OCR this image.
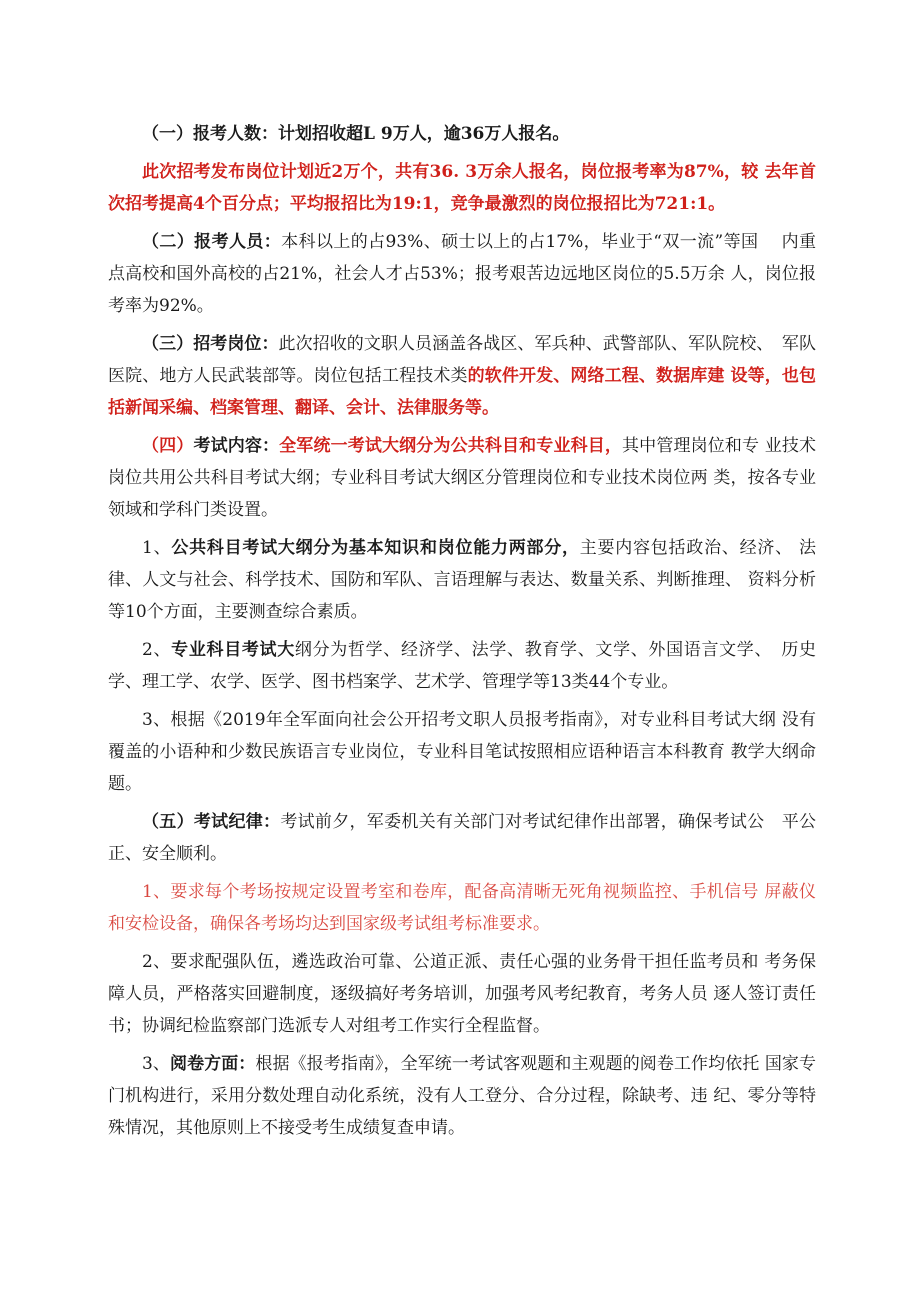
（一）报考人数：计划招收超L 9万人，逾36万人报名。

此次招考发布岗位计划近2万个，共有36. 3万余人报名，岗位报考率为87%，较 去年首次招考提高4个百分点；平均报招比为19:1，竞争最激烈的岗位报招比为721:1。

（二）报考人员：本科以上的占93%、硕士以上的占17%，毕业于“双一流”等国　 内重点高校和国外高校的占21%，社会人才占53%；报考艰苦边远地区岗位的5.5万余 人，岗位报考率为92%。

（三）招考岗位：此次招收的文职人员涵盖各战区、军兵种、武警部队、军队院校、　军队医院、地方人民武装部等。岗位包括工程技术类的软件开发、网络工程、数据库建 设等，也包括新闻采编、档案管理、翻译、会计、法律服务等。

（四）考试内容：全军统一考试大纲分为公共科目和专业科目，其中管理岗位和专 业技术岗位共用公共科目考试大纲；专业科目考试大纲区分管理岗位和专业技术岗位两 类，按各专业领域和学科门类设置。

1、公共科目考试大纲分为基本知识和岗位能力两部分，主要内容包括政治、经济、 法律、人文与社会、科学技术、国防和军队、言语理解与表达、数量关系、判断推理、 资料分析等10个方面，主要测查综合素质。

2、专业科目考试大纲分为哲学、经济学、法学、教育学、文学、外国语言文学、　历史学、理工学、农学、医学、图书档案学、艺术学、管理学等13类44个专业。

3、根据《2019年全军面向社会公开招考文职人员报考指南》，对专业科目考试大纲 没有覆盖的小语种和少数民族语言专业岗位，专业科目笔试按照相应语种语言本科教育 教学大纲命题。

（五）考试纪律：考试前夕，军委机关有关部门对考试纪律作出部署，确保考试公　平公正、安全顺利。

1、要求每个考场按规定设置考室和卷库，配备高清晰无死角视频监控、手机信号 屏蔽仪和安检设备，确保各考场均达到国家级考试组考标准要求。

2、要求配强队伍，遴选政治可靠、公道正派、责任心强的业务骨干担任监考员和 考务保障人员，严格落实回避制度，逐级搞好考务培训，加强考风考纪教育，考务人员 逐人签订责任书；协调纪检监察部门选派专人对组考工作实行全程监督。

3、阅卷方面：根据《报考指南》，全军统一考试客观题和主观题的阅卷工作均依托 国家专门机构进行，采用分数处理自动化系统，没有人工登分、合分过程，除缺考、违 纪、零分等特殊情况，其他原则上不接受考生成绩复查申请。
